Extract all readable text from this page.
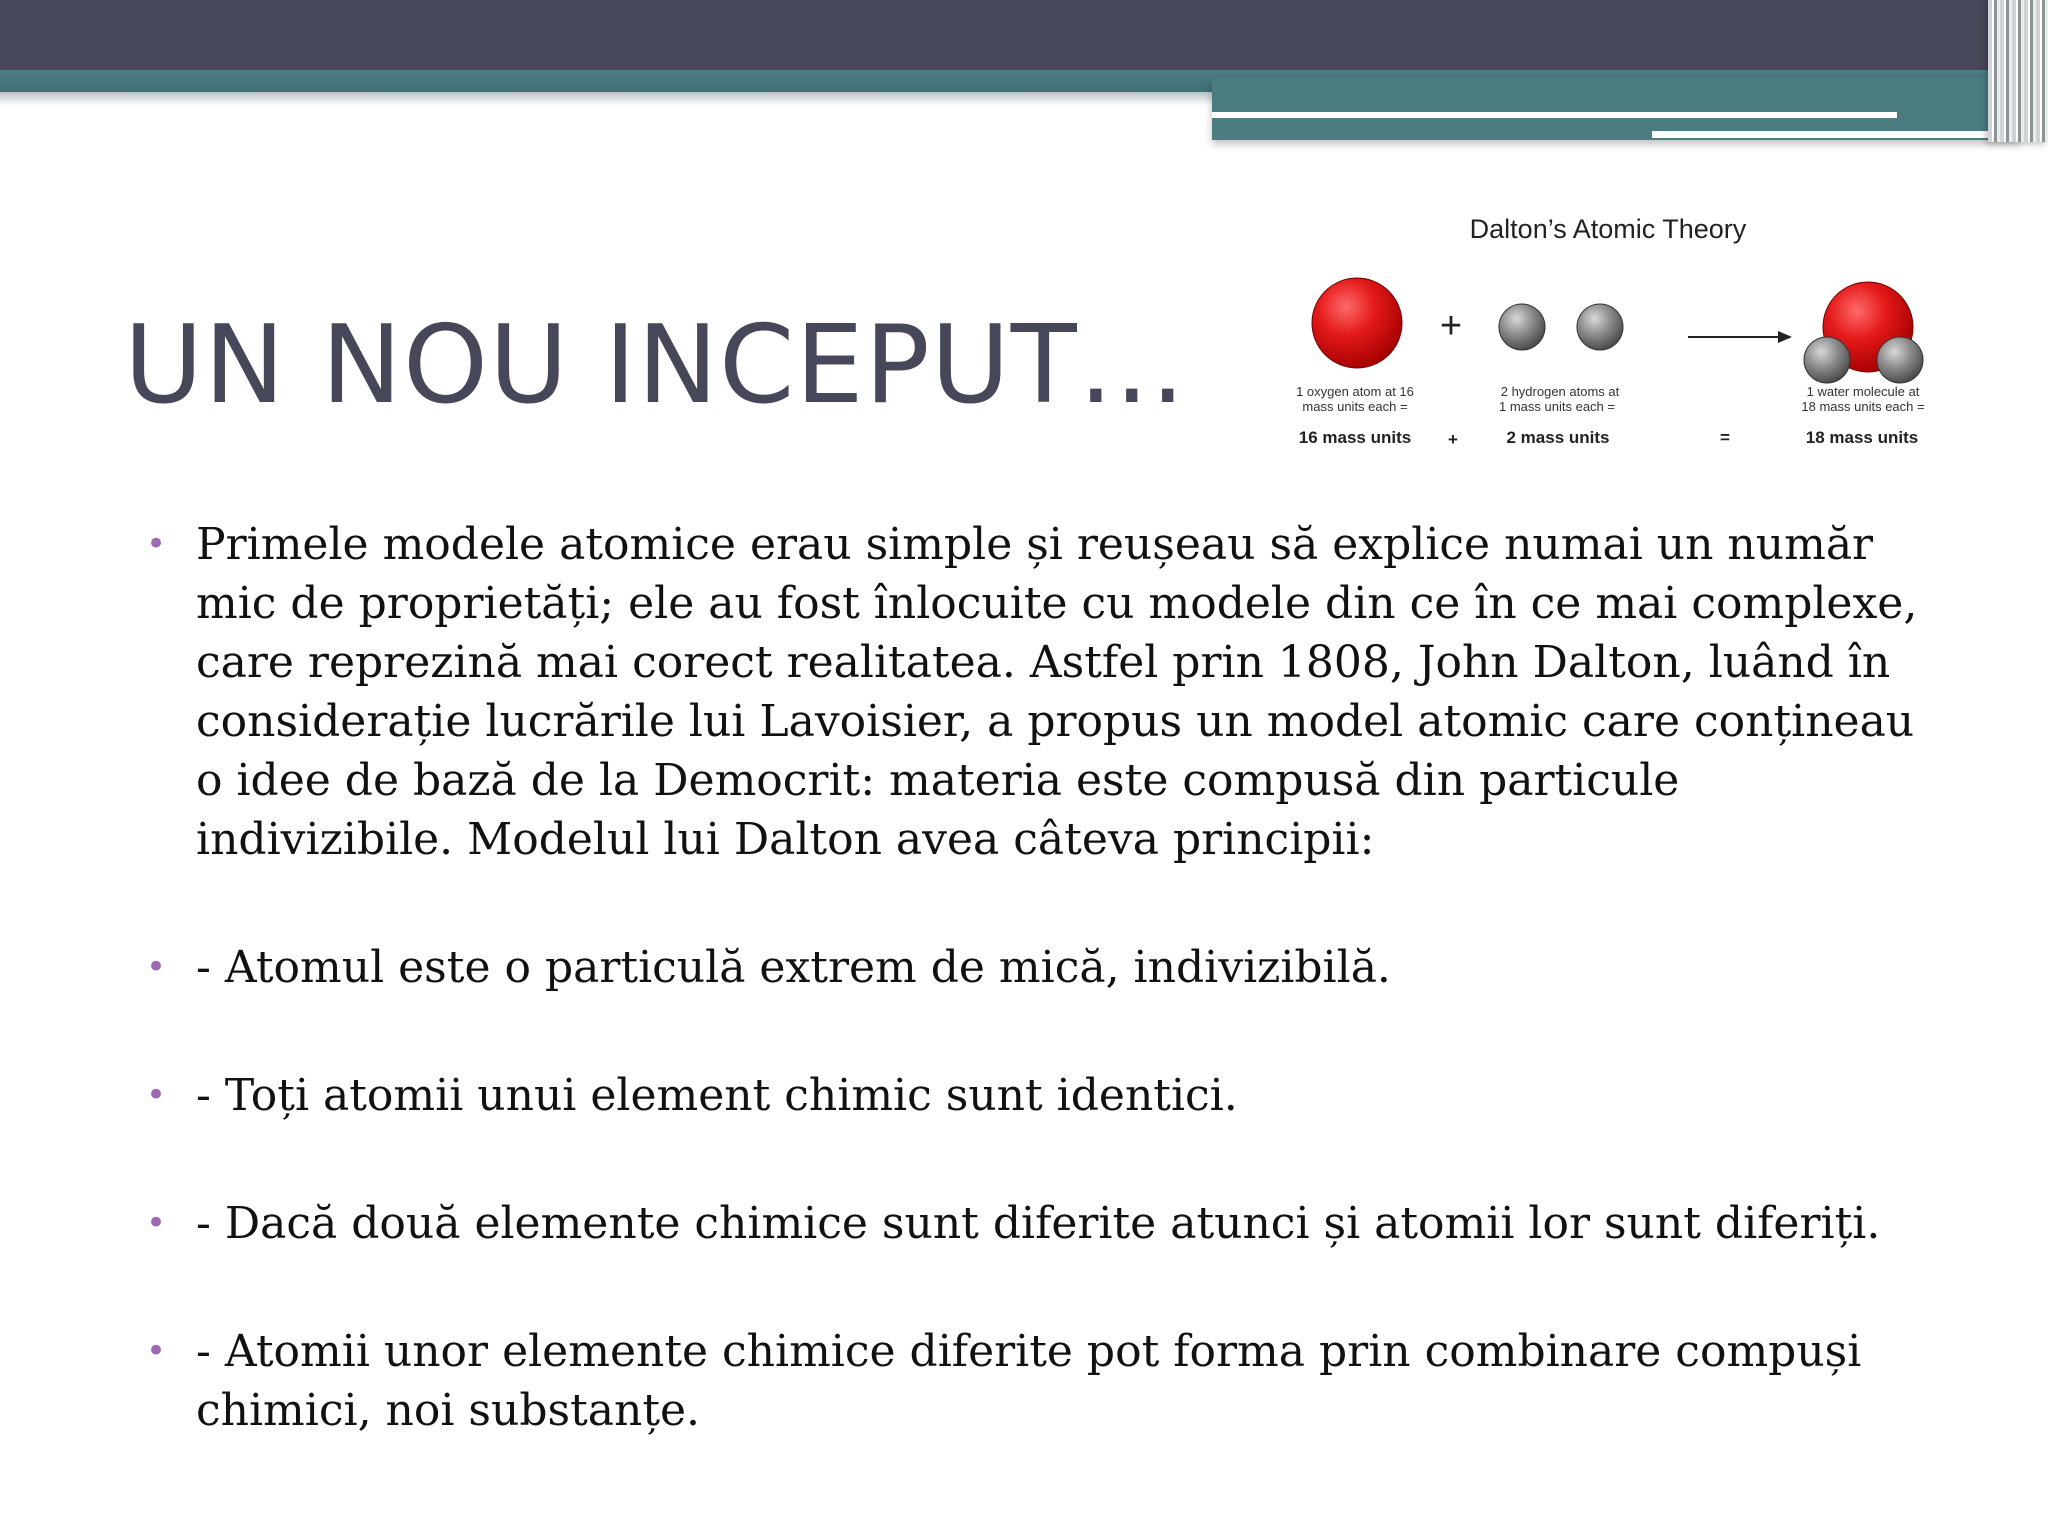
UN NOU INCEPUT…
Dalton’s Atomic Theory
+
1 oxygen atom at 16
mass units each =
2 hydrogen atoms at
1 mass units each =
1 water molecule at
18 mass units each =
16 mass units +	2 mass units	=	18 mass units
• Primele modele atomice erau simple și reușeau să explice numai un număr mic de proprietăți; ele au fost înlocuite cu modele din ce în ce mai complexe, care reprezină mai corect realitatea. Astfel prin 1808, John Dalton, luând în considerație lucrările lui Lavoisier, a propus un model atomic care conțineau o idee de bază de la Democrit: materia este compusă din particule indivizibile. Modelul lui Dalton avea câteva principii:
• - Atomul este o particulă extrem de mică, indivizibilă.
• - Toți atomii unui element chimic sunt identici.
• - Dacă două elemente chimice sunt diferite atunci și atomii lor sunt diferiți.
• - Atomii unor elemente chimice diferite pot forma prin combinare compuși chimici, noi substanțe.
